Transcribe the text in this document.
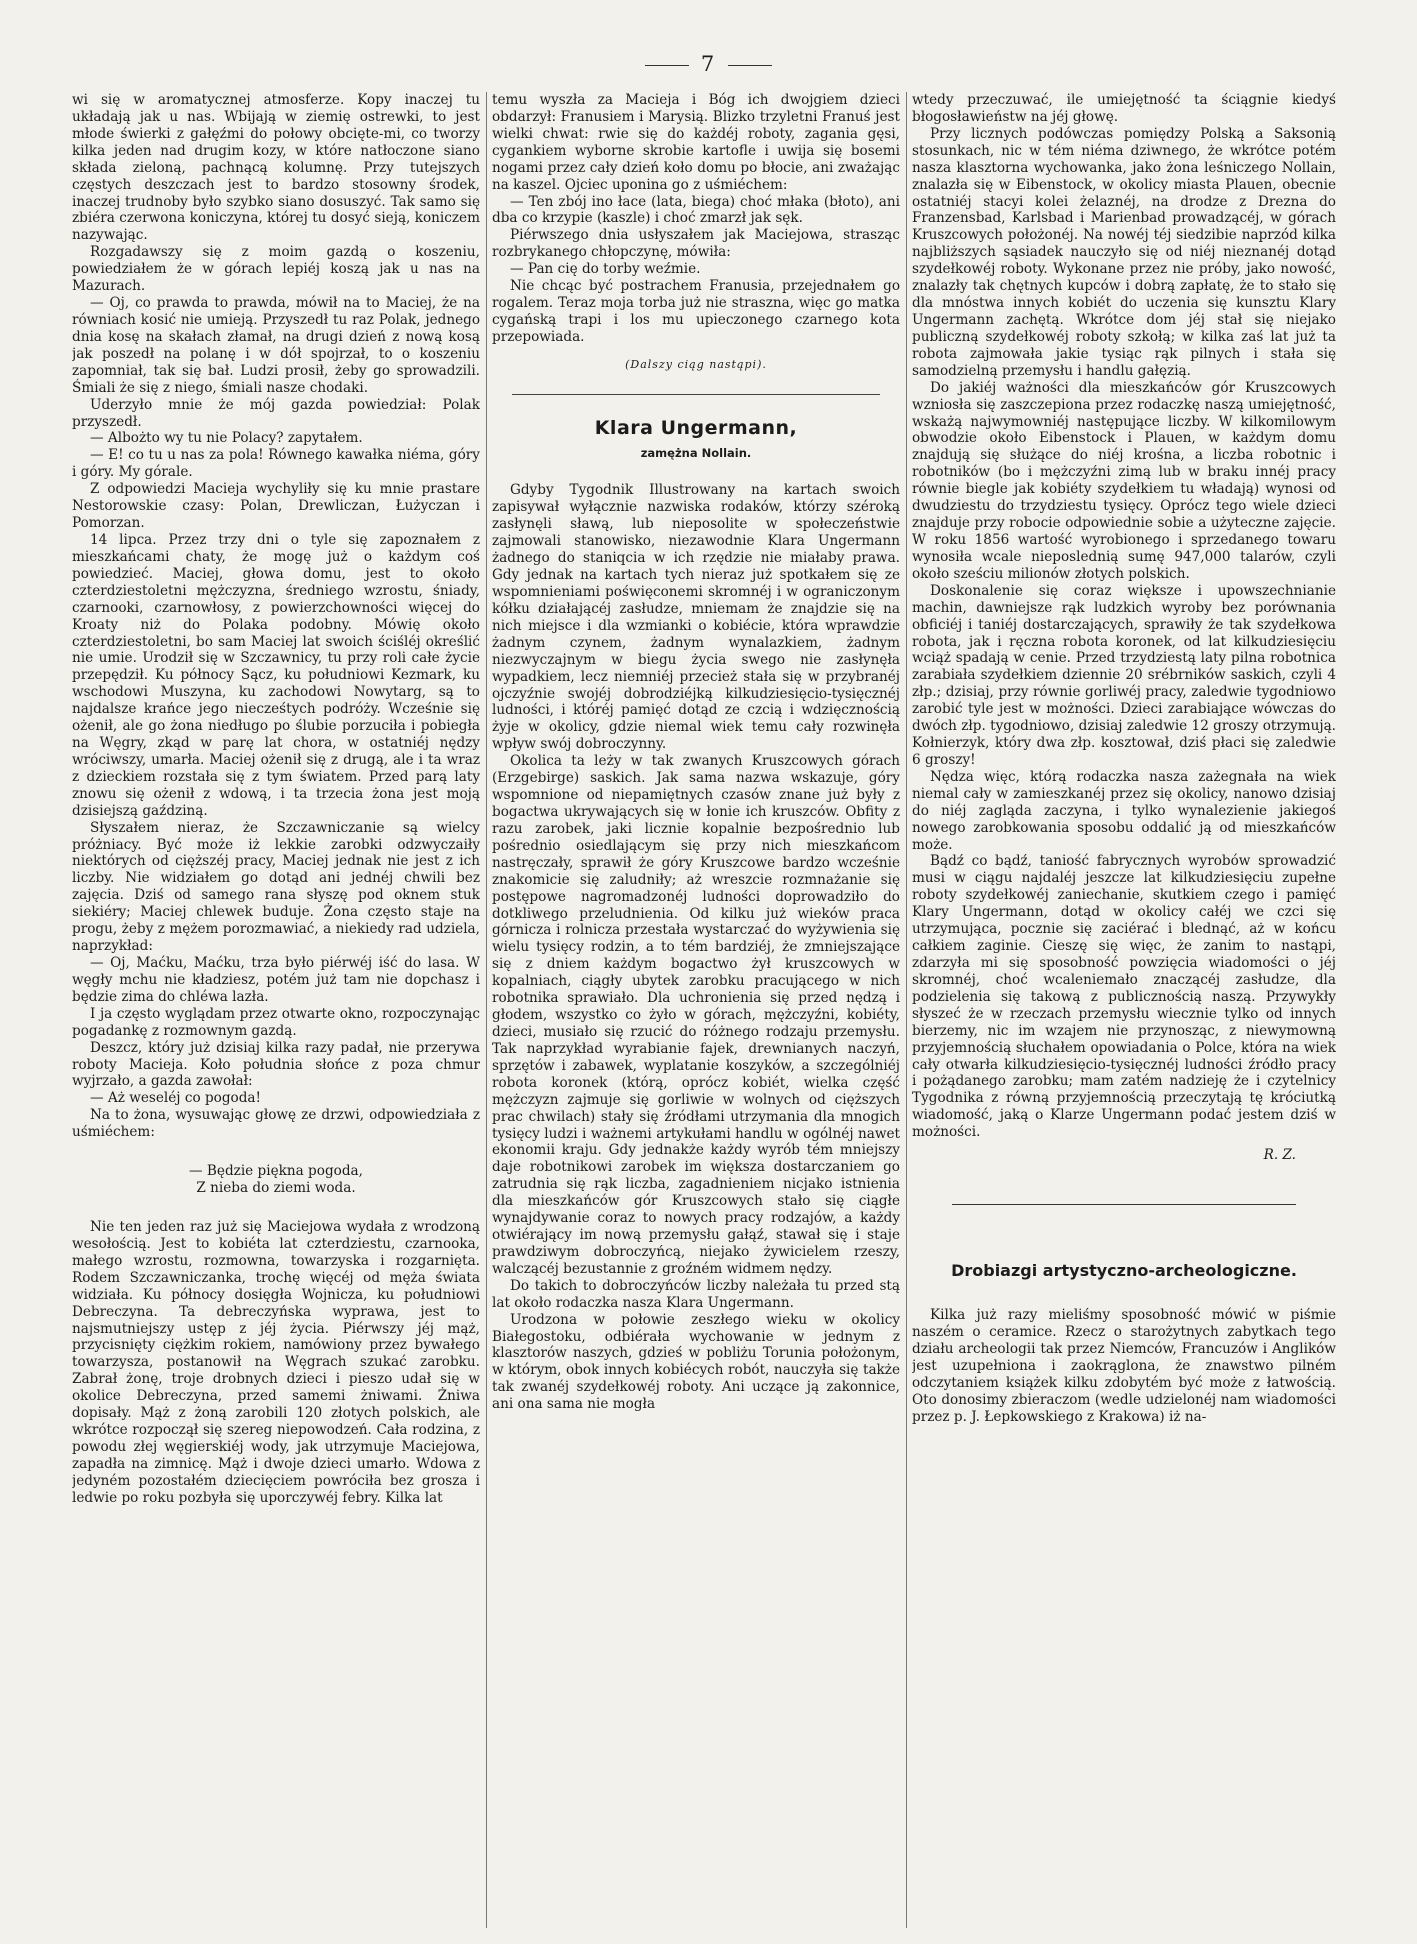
7

wi się w aromatycznej atmosferze. Kopy inaczej tu układają jak u nas. Wbijają w ziemię ostrewki, to jest młode świerki z gałęźmi do połowy obcięte-mi, co tworzy kilka jeden nad drugim kozy, w które natłoczone siano składa zieloną, pachnącą kolumnę. Przy tutejszych częstych deszczach jest to bardzo stosowny środek, inaczej trudnoby było szybko siano dosuszyć. Tak samo się zbiéra czerwona koniczyna, której tu dosyć sieją, koniczem nazywając.

Rozgadawszy się z moim gazdą o koszeniu, powiedziałem że w górach lepiéj koszą jak u nas na Mazurach.

— Oj, co prawda to prawda, mówił na to Maciej, że na równiach kosić nie umieją. Przyszedł tu raz Polak, jednego dnia kosę na skałach złamał, na drugi dzień z nową kosą jak poszedł na polanę i w dół spojrzał, to o koszeniu zapomniał, tak się bał. Ludzi prosił, żeby go sprowadzili. Śmiali że się z niego, śmiali nasze chodaki.

Uderzyło mnie że mój gazda powiedział: Polak przyszedł.

— Albożto wy tu nie Polacy? zapytałem.

— E! co tu u nas za pola! Równego kawałka niéma, góry i góry. My górale.

Z odpowiedzi Macieja wychyliły się ku mnie prastare Nestorowskie czasy: Polan, Drewliczan, Łużyczan i Pomorzan.

14 lipca. Przez trzy dni o tyle się zapoznałem z mieszkańcami chaty, że mogę już o każdym coś powiedzieć. Maciej, głowa domu, jest to około czterdziestoletni mężczyzna, średniego wzrostu, śniady, czarnooki, czarnowłosy, z powierzchowności więcej do Kroaty niż do Polaka podobny. Mówię około czterdziestoletni, bo sam Maciej lat swoich ściśléj określić nie umie. Urodził się w Szczawnicy, tu przy roli całe życie przepędził. Ku północy Sącz, ku południowi Kezmark, ku wschodowi Muszyna, ku zachodowi Nowytarg, są to najdalsze krańce jego niecześtych podróży. Wcześnie się ożenił, ale go żona niedługo po ślubie porzuciła i pobiegła na Węgry, zkąd w parę lat chora, w ostatniéj nędzy wróciwszy, umarła. Maciej ożenił się z drugą, ale i ta wraz z dzieckiem rozstała się z tym światem. Przed parą laty znowu się ożenił z wdową, i ta trzecia żona jest moją dzisiejszą gaździną.

Słyszałem nieraz, że Szczawniczanie są wielcy próżniacy. Być może iż lekkie zarobki odzwyczaiły niektórych od cięższéj pracy, Maciej jednak nie jest z ich liczby. Nie widziałem go dotąd ani jednéj chwili bez zajęcia. Dziś od samego rana słyszę pod oknem stuk siekiéry; Maciej chlewek buduje. Żona często staje na progu, żeby z mężem porozmawiać, a niekiedy rad udziela, naprzykład:

— Oj, Maćku, Maćku, trza było piérwéj iść do lasa. W węgły mchu nie kładziesz, potém już tam nie dopchasz i będzie zima do chléwa lazła.

I ja często wyglądam przez otwarte okno, rozpoczynając pogadankę z rozmownym gazdą.

Deszcz, który już dzisiaj kilka razy padał, nie przerywa roboty Macieja. Koło południa słońce z poza chmur wyjrzało, a gazda zawołał:

— Aż weseléj co pogoda!

Na to żona, wysuwając głowę ze drzwi, odpowiedziała z uśmiéchem:

— Będzie piękna pogoda,
Z nieba do ziemi woda.

Nie ten jeden raz już się Maciejowa wydała z wrodzoną wesołością. Jest to kobiéta lat czterdziestu, czarnooka, małego wzrostu, rozmowna, towarzyska i rozgarnięta. Rodem Szczawniczanka, trochę więcéj od męża świata widziała. Ku północy dosięgła Wojnicza, ku południowi Debreczyna. Ta debreczyńska wyprawa, jest to najsmutniejszy ustęp z jéj życia. Piérwszy jéj mąż, przycisnięty ciężkim rokiem, namówiony przez bywałego towarzysza, postanowił na Węgrach szukać zarobku. Zabrał żonę, troje drobnych dzieci i pieszo udał się w okolice Debreczyna, przed samemi żniwami. Żniwa dopisały. Mąż z żoną zarobili 120 złotych polskich, ale wkrótce rozpoczął się szereg niepowodzeń. Cała rodzina, z powodu złej węgierskiéj wody, jak utrzymuje Maciejowa, zapadła na zimnicę. Mąż i dwoje dzieci umarło. Wdowa z jedyném pozostałém dziecięciem powróciła bez grosza i ledwie po roku pozbyła się uporczywéj febry. Kilka lat

temu wyszła za Macieja i Bóg ich dwojgiem dzieci obdarzył: Franusiem i Marysią. Blizko trzyletni Franuś jest wielki chwat: rwie się do każdéj roboty, zagania gęsi, cygankiem wyborne skrobie kartofle i uwija się bosemi nogami przez cały dzień koło domu po błocie, ani zważając na kaszel. Ojciec uponina go z uśmiéchem:

— Ten zbój ino łace (lata, biega) choć młaka (błoto), ani dba co krzypie (kaszle) i choć zmarzł jak sęk.

Piérwszego dnia usłyszałem jak Maciejowa, strasząc rozbrykanego chłopczynę, mówiła:

— Pan cię do torby weźmie.

Nie chcąc być postrachem Franusia, przejednałem go rogalem. Teraz moja torba już nie straszna, więc go matka cygańską trapi i los mu upieczonego czarnego kota przepowiada.

(Dalszy ciąg nastąpi).

Klara Ungermann,

zamężna Nollain.

Gdyby Tygodnik Illustrowany na kartach swoich zapisywał wyłącznie nazwiska rodaków, którzy széroką zasłynęli sławą, lub nieposolite w społeczeństwie zajmowali stanowisko, niezawodnie Klara Ungermann żadnego do staniqcia w ich rzędzie nie miałaby prawa. Gdy jednak na kartach tych nieraz już spotkałem się ze wspomnieniami poświęconemi skromnéj i w ograniczonym kółku działającéj zasłudze, mniemam że znajdzie się na nich miejsce i dla wzmianki o kobiécie, która wprawdzie żadnym czynem, żadnym wynalazkiem, żadnym niezwyczajnym w biegu życia swego nie zasłynęła wypadkiem, lecz niemniéj przecież stała się w przybranéj ojczyźnie swojéj dobrodziéjką kilkudziesięcio-tysięcznéj ludności, i któréj pamięć dotąd ze czcią i wdzięcznością żyje w okolicy, gdzie niemal wiek temu cały rozwinęła wpływ swój dobroczynny.

Okolica ta leży w tak zwanych Kruszcowych górach (Erzgebirge) saskich. Jak sama nazwa wskazuje, góry wspomnione od niepamiętnych czasów znane już były z bogactwa ukrywających się w łonie ich kruszców. Obfity z razu zarobek, jaki licznie kopalnie bezpośrednio lub pośrednio osiedlającym się przy nich mieszkańcom nastręczały, sprawił że góry Kruszcowe bardzo wcześnie znakomicie się zaludniły; aż wreszcie rozmnażanie się postępowe nagromadzonéj ludności doprowadziło do dotkliwego przeludnienia. Od kilku już wieków praca górnicza i rolnicza przestała wystarczać do wyżywienia się wielu tysięcy rodzin, a to tém bardziéj, że zmniejszające się z dniem każdym bogactwo żył kruszcowych w kopalniach, ciągły ubytek zarobku pracującego w nich robotnika sprawiało. Dla uchronienia się przed nędzą i głodem, wszystko co żyło w górach, mężczyźni, kobiéty, dzieci, musiało się rzucić do różnego rodzaju przemysłu. Tak naprzykład wyrabianie fajek, drewnianych naczyń, sprzętów i zabawek, wyplatanie koszyków, a szczególniéj robota koronek (którą, oprócz kobiét, wielka część mężczyzn zajmuje się gorliwie w wolnych od cięższych prac chwilach) stały się źródłami utrzymania dla mnogich tysięcy ludzi i ważnemi artykułami handlu w ogólnéj nawet ekonomii kraju. Gdy jednakże każdy wyrób tém mniejszy daje robotnikowi zarobek im większa dostarczaniem go zatrudnia się rąk liczba, zagadnieniem nicjako istnienia dla mieszkańców gór Kruszcowych stało się ciągłe wynajdywanie coraz to nowych pracy rodzajów, a każdy otwiérający im nową przemysłu gałąź, stawał się i staje prawdziwym dobroczyńcą, niejako żywicielem rzeszy, walczącéj bezustannie z groźném widmem nędzy.

Do takich to dobroczyńców liczby należała tu przed stą lat około rodaczka nasza Klara Ungermann.

Urodzona w połowie zeszłego wieku w okolicy Białegostoku, odbiérała wychowanie w jednym z klasztorów naszych, gdzieś w pobliżu Torunia położonym, w którym, obok innych kobiécych robót, nauczyła się także tak zwanéj szydełkowéj roboty. Ani uczące ją zakonnice, ani ona sama nie mogła

wtedy przeczuwać, ile umiejętność ta ściągnie kiedyś błogosławieństw na jéj głowę.

Przy licznych podówczas pomiędzy Polską a Saksonią stosunkach, nic w tém niéma dziwnego, że wkrótce potém nasza klasztorna wychowanka, jako żona leśniczego Nollain, znalazła się w Eibenstock, w okolicy miasta Plauen, obecnie ostatniéj stacyi kolei żelaznéj, na drodze z Drezna do Franzensbad, Karlsbad i Marienbad prowadzącéj, w górach Kruszcowych położonéj. Na nowéj téj siedzibie naprzód kilka najbliższych sąsiadek nauczyło się od niéj nieznanéj dotąd szydełkowéj roboty. Wykonane przez nie próby, jako nowość, znalazły tak chętnych kupców i dobrą zapłatę, że to stało się dla mnóstwa innych kobiét do uczenia się kunsztu Klary Ungermann zachętą. Wkrótce dom jéj stał się niejako publiczną szydełkowéj roboty szkołą; w kilka zaś lat już ta robota zajmowała jakie tysiąc rąk pilnych i stała się samodzielną przemysłu i handlu gałęzią.

Do jakiéj ważności dla mieszkańców gór Kruszcowych wzniosła się zaszczepiona przez rodaczkę naszą umiejętność, wskażą najwymowniéj następujące liczby. W kilkomilowym obwodzie około Eibenstock i Plauen, w każdym domu znajdują się służące do niéj krośna, a liczba robotnic i robotników (bo i mężczyźni zimą lub w braku innéj pracy równie biegle jak kobiéty szydełkiem tu władają) wynosi od dwudziestu do trzydziestu tysięcy. Oprócz tego wiele dzieci znajduje przy robocie odpowiednie sobie a użyteczne zajęcie. W roku 1856 wartość wyrobionego i sprzedanego towaru wynosiła wcale nieposlednią sumę 947,000 talarów, czyli około sześciu milionów złotych polskich.

Doskonalenie się coraz większe i upowszechnianie machin, dawniejsze rąk ludzkich wyroby bez porównania obficiéj i taniéj dostarczających, sprawiły że tak szydełkowa robota, jak i ręczna robota koronek, od lat kilkudziesięciu wciąż spadają w cenie. Przed trzydziestą laty pilna robotnica zarabiała szydełkiem dziennie 20 srébrników saskich, czyli 4 złp.; dzisiaj, przy równie gorliwéj pracy, zaledwie tygodniowo zarobić tyle jest w możności. Dzieci zarabiające wówczas do dwóch złp. tygodniowo, dzisiaj zaledwie 12 groszy otrzymują. Kołnierzyk, który dwa złp. kosztował, dziś płaci się zaledwie 6 groszy!

Nędza więc, którą rodaczka nasza zażegnała na wiek niemal cały w zamieszkanéj przez się okolicy, nanowo dzisiaj do niéj zagląda zaczyna, i tylko wynalezienie jakiegoś nowego zarobkowania sposobu oddalić ją od mieszkańców może.

Bądź co bądź, taniość fabrycznych wyrobów sprowadzić musi w ciągu najdaléj jeszcze lat kilkudziesięciu zupełne roboty szydełkowéj zaniechanie, skutkiem czego i pamięć Klary Ungermann, dotąd w okolicy całéj we czci się utrzymująca, pocznie się zaciérać i blednąć, aż w końcu całkiem zaginie. Cieszę się więc, że zanim to nastąpi, zdarzyła mi się sposobność powzięcia wiadomości o jéj skromnéj, choć wcaleniemało znaczącéj zasłudze, dla podzielenia się takową z publicznością naszą. Przywykły słyszeć że w rzeczach przemysłu wiecznie tylko od innych bierzemy, nic im wzajem nie przynosząc, z niewymowną przyjemnością słuchałem opowiadania o Polce, która na wiek cały otwarła kilkudziesięcio-tysięcznéj ludności źródło pracy i pożądanego zarobku; mam zatém nadzieję że i czytelnicy Tygodnika z równą przyjemnością przeczytają tę króciutką wiadomość, jaką o Klarze Ungermann podać jestem dziś w możności.

R. Z.

Drobiazgi artystyczno-archeologiczne.

Kilka już razy mieliśmy sposobność mówić w piśmie naszém o ceramice. Rzecz o starożytnych zabytkach tego działu archeologii tak przez Niemców, Francuzów i Anglików jest uzupełniona i zaokrąglona, że znawstwo pilném odczytaniem książek kilku zdobytém być może z łatwością. Oto donosimy zbieraczom (wedle udzielonéj nam wiadomości przez p. J. Łepkowskiego z Krakowa) iż na-
